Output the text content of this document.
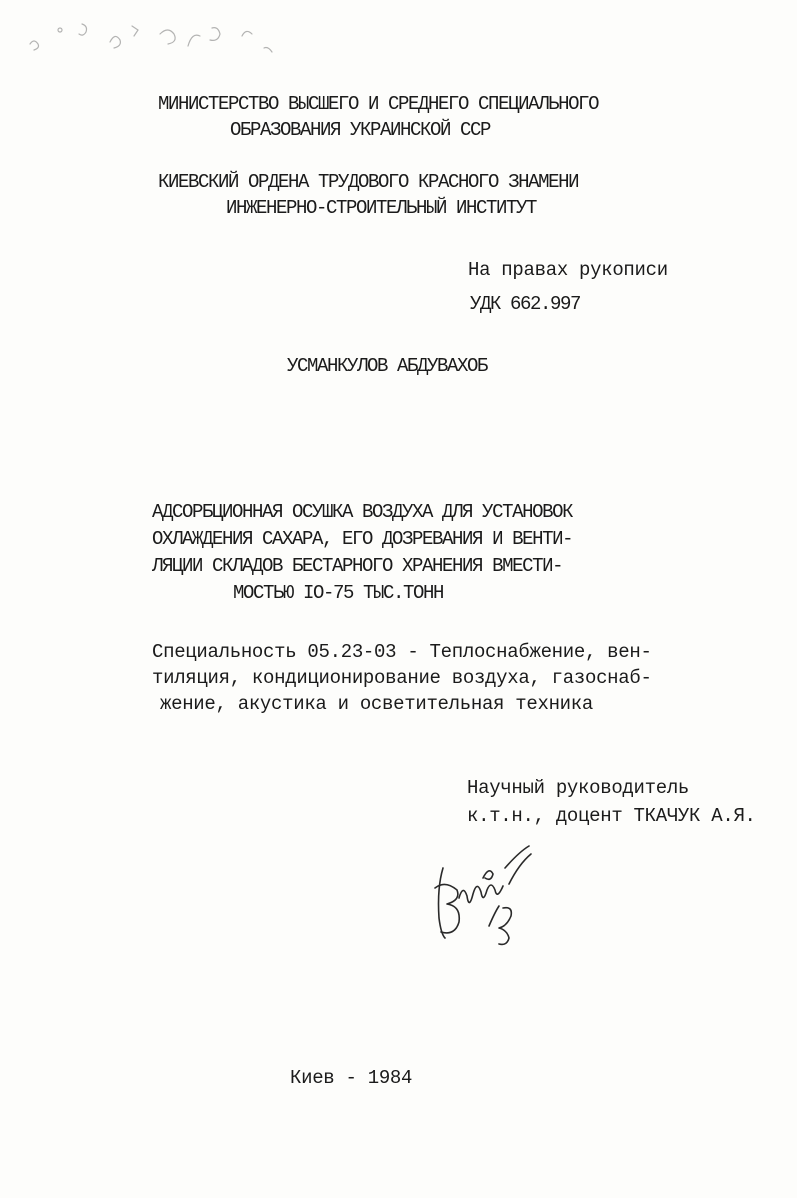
МИНИСТЕРСТВО ВЫСШЕГО И СРЕДНЕГО СПЕЦИАЛЬНОГО
ОБРАЗОВАНИЯ УКРАИНСКОЙ ССР
КИЕВСКИЙ ОРДЕНА ТРУДОВОГО КРАСНОГО ЗНАМЕНИ
ИНЖЕНЕРНО-СТРОИТЕЛЬНЫЙ ИНСТИТУТ
На правах рукописи
УДК 662.997
УСМАНКУЛОВ АБДУВАХОБ
АДСОРБЦИОННАЯ ОСУШКА ВОЗДУХА ДЛЯ УСТАНОВОК
ОХЛАЖДЕНИЯ САХАРА, ЕГО ДОЗРЕВАНИЯ И ВЕНТИ-
ЛЯЦИИ СКЛАДОВ БЕСТАРНОГО ХРАНЕНИЯ ВМЕСТИ-
МОСТЬЮ IO-75 ТЫС.ТОНН
Специальность 05.23-03 - Теплоснабжение, вен-
тиляция, кондиционирование воздуха, газоснаб-
жение, акустика и осветительная техника
Научный руководитель
к.т.н., доцент ТКАЧУК А.Я.
Киев - 1984
